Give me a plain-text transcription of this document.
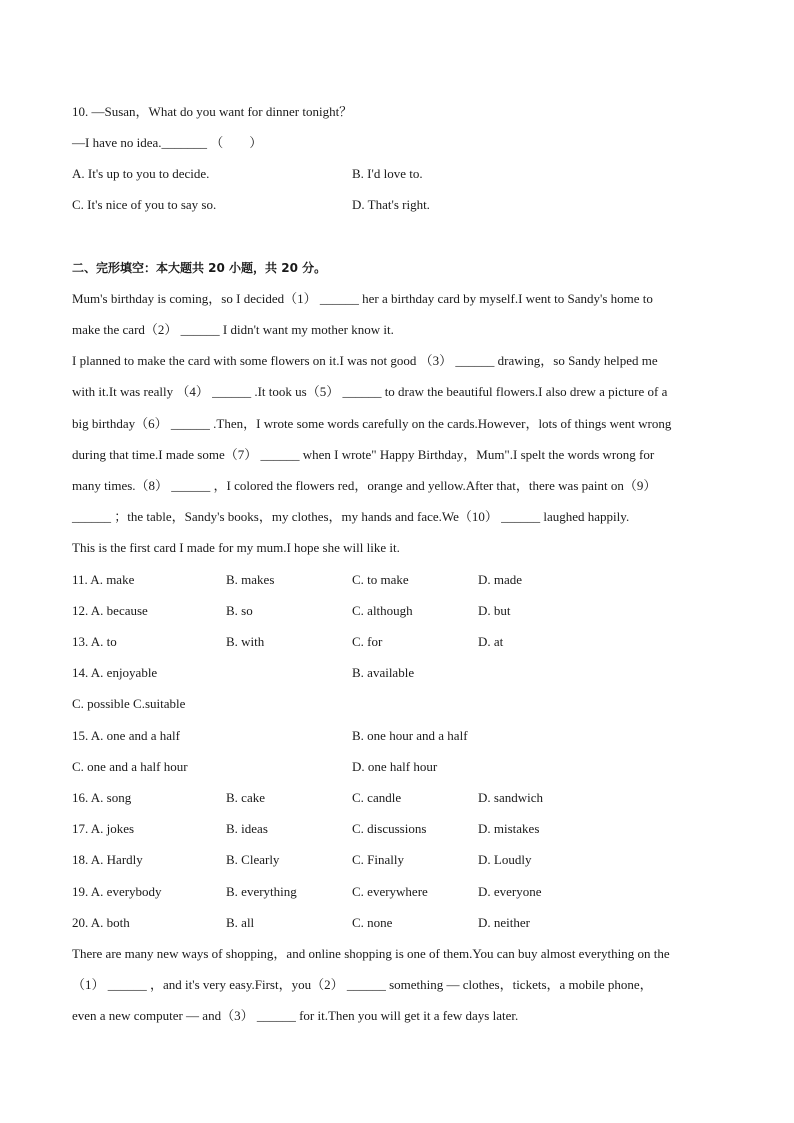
10. —Susan，What do you want for dinner tonight？
—I have no idea._______ （　　）
A. It's up to you to decide.	B. I'd love to.
C. It's nice of you to say so.	D. That's right.
二、完形填空：本大题共 20 小题，共 20 分。
Mum's birthday is coming，so I decided（1） ______ her a birthday card by myself.I went to Sandy's home to
make the card（2） ______ I didn't want my mother know it.
I planned to make the card with some flowers on it.I was not good （3） ______ drawing，so Sandy helped me
with it.It was really （4） ______ .It took us（5） ______ to draw the beautiful flowers.I also drew a picture of a
big birthday（6） ______ .Then，I wrote some words carefully on the cards.However，lots of things went wrong
during that time.I made some（7） ______ when I wrote" Happy Birthday，Mum".I spelt the words wrong for
many times.（8） ______ ，I colored the flowers red，orange and yellow.After that，there was paint on（9）
______ ；the table，Sandy's books，my clothes，my hands and face.We（10） ______ laughed happily.
This is the first card I made for my mum.I hope she will like it.
11. A. make	B. makes	C. to make	D. made
12. A. because	B. so	C. although	D. but
13. A. to	B. with	C. for	D. at
14. A. enjoyable	B. available
C. possible C.suitable
15. A. one and a half	B. one hour and a half
C. one and a half hour	D. one half hour
16. A. song	B. cake	C. candle	D. sandwich
17. A. jokes	B. ideas	C. discussions	D. mistakes
18. A. Hardly	B. Clearly	C. Finally	D. Loudly
19. A. everybody	B. everything	C. everywhere	D. everyone
20. A. both	B. all	C. none	D. neither
There are many new ways of shopping，and online shopping is one of them.You can buy almost everything on the
（1） ______ ，and it's very easy.First，you（2） ______ something — clothes，tickets，a mobile phone，
even a new computer — and（3） ______ for it.Then you will get it a few days later.
